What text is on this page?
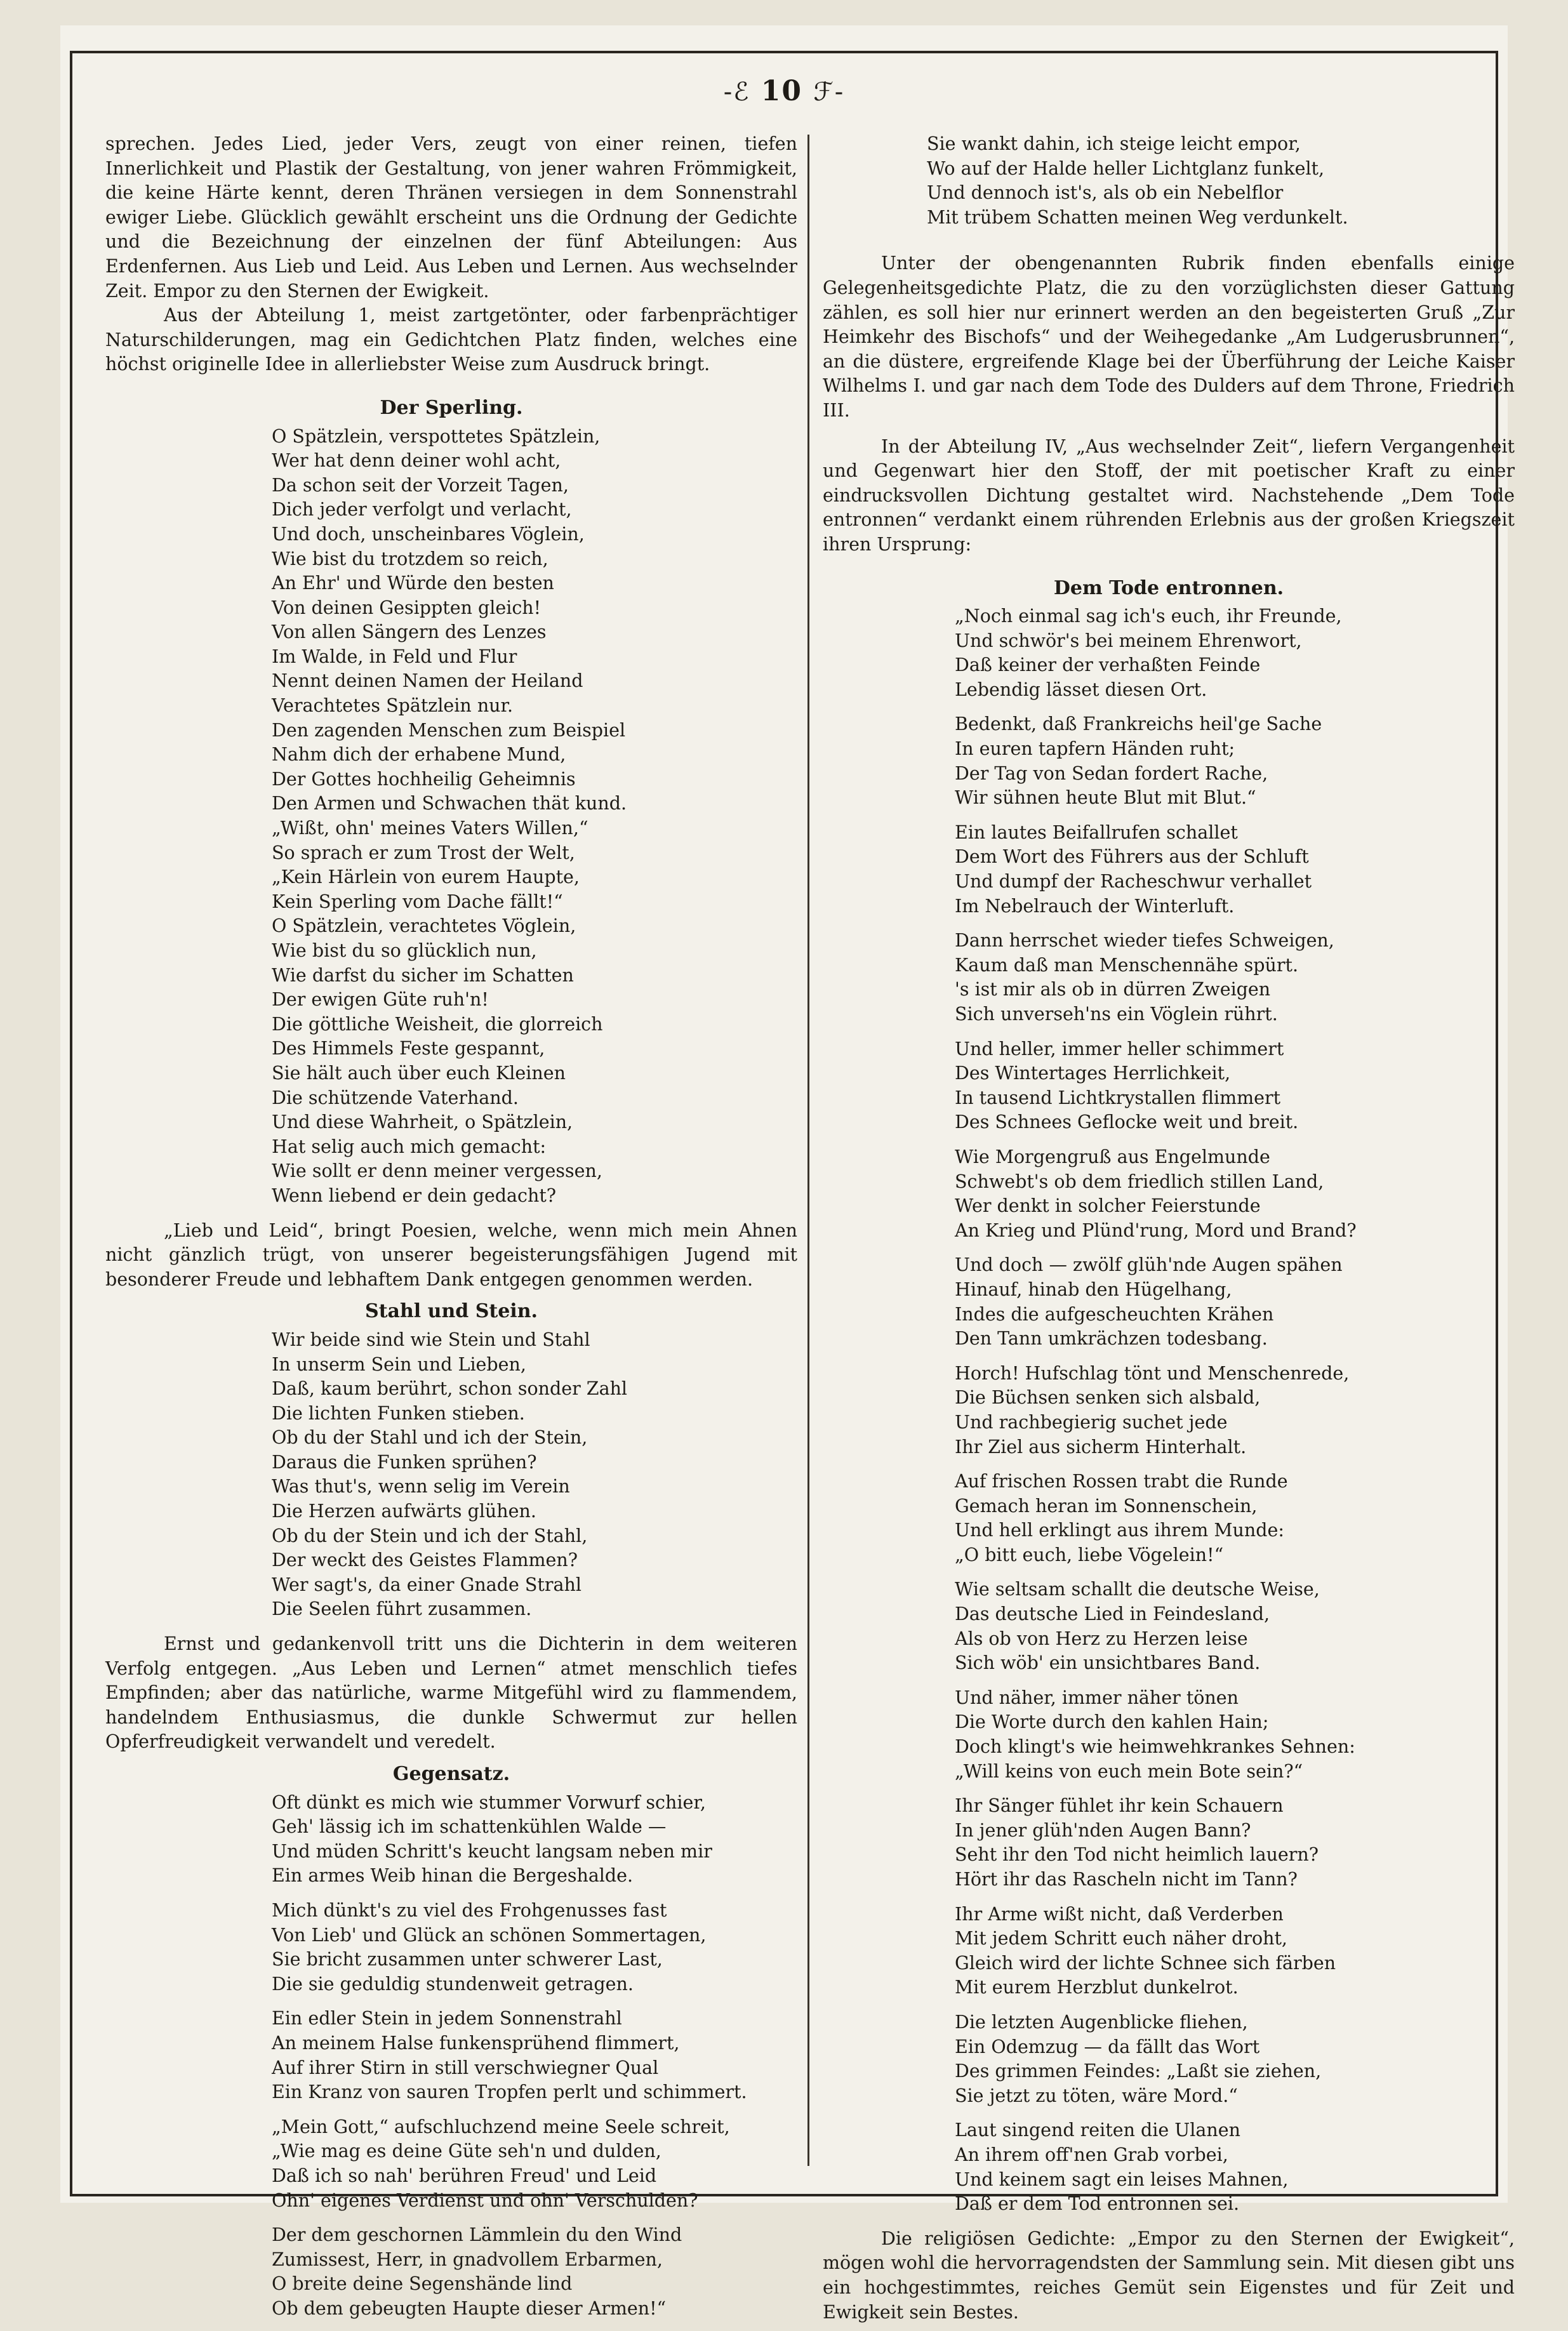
-ℰ 10 ℱ-

sprechen. Jedes Lied, jeder Vers, zeugt von einer reinen, tiefen Innerlichkeit und Plastik der Gestaltung, von jener wahren Frömmigkeit, die keine Härte kennt, deren Thränen versiegen in dem Sonnenstrahl ewiger Liebe. Glücklich gewählt erscheint uns die Ordnung der Gedichte und die Bezeichnung der einzelnen der fünf Abteilungen: Aus Erdenfernen. Aus Lieb und Leid. Aus Leben und Lernen. Aus wechselnder Zeit. Empor zu den Sternen der Ewigkeit.

Aus der Abteilung 1, meist zartgetönter, oder farbenprächtiger Naturschilderungen, mag ein Gedichtchen Platz finden, welches eine höchst originelle Idee in allerliebster Weise zum Ausdruck bringt.

Der Sperling.
O Spätzlein, verspottetes Spätzlein,
Wer hat denn deiner wohl acht,
Da schon seit der Vorzeit Tagen,
Dich jeder verfolgt und verlacht,
Und doch, unscheinbares Vöglein,
Wie bist du trotzdem so reich,
An Ehr' und Würde den besten
Von deinen Gesippten gleich!
Von allen Sängern des Lenzes
Im Walde, in Feld und Flur
Nennt deinen Namen der Heiland
Verachtetes Spätzlein nur.
Den zagenden Menschen zum Beispiel
Nahm dich der erhabene Mund,
Der Gottes hochheilig Geheimnis
Den Armen und Schwachen thät kund.
„Wißt, ohn' meines Vaters Willen,“
So sprach er zum Trost der Welt,
„Kein Härlein von eurem Haupte,
Kein Sperling vom Dache fällt!“
O Spätzlein, verachtetes Vöglein,
Wie bist du so glücklich nun,
Wie darfst du sicher im Schatten
Der ewigen Güte ruh'n!
Die göttliche Weisheit, die glorreich
Des Himmels Feste gespannt,
Sie hält auch über euch Kleinen
Die schützende Vaterhand.
Und diese Wahrheit, o Spätzlein,
Hat selig auch mich gemacht:
Wie sollt er denn meiner vergessen,
Wenn liebend er dein gedacht?

„Lieb und Leid“, bringt Poesien, welche, wenn mich mein Ahnen nicht gänzlich trügt, von unserer begeisterungsfähigen Jugend mit besonderer Freude und lebhaftem Dank entgegen genommen werden.

Stahl und Stein.
Wir beide sind wie Stein und Stahl
In unserm Sein und Lieben,
Daß, kaum berührt, schon sonder Zahl
Die lichten Funken stieben.
Ob du der Stahl und ich der Stein,
Daraus die Funken sprühen?
Was thut's, wenn selig im Verein
Die Herzen aufwärts glühen.
Ob du der Stein und ich der Stahl,
Der weckt des Geistes Flammen?
Wer sagt's, da einer Gnade Strahl
Die Seelen führt zusammen.

Ernst und gedankenvoll tritt uns die Dichterin in dem weiteren Verfolg entgegen. „Aus Leben und Lernen“ atmet menschlich tiefes Empfinden; aber das natürliche, warme Mitgefühl wird zu flammendem, handelndem Enthusiasmus, die dunkle Schwermut zur hellen Opferfreudigkeit verwandelt und veredelt.

Gegensatz.
Oft dünkt es mich wie stummer Vorwurf schier,
Geh' lässig ich im schattenkühlen Walde —
Und müden Schritt's keucht langsam neben mir
Ein armes Weib hinan die Bergeshalde.
Mich dünkt's zu viel des Frohgenusses fast
Von Lieb' und Glück an schönen Sommertagen,
Sie bricht zusammen unter schwerer Last,
Die sie geduldig stundenweit getragen.
Ein edler Stein in jedem Sonnenstrahl
An meinem Halse funkensprühend flimmert,
Auf ihrer Stirn in still verschwiegner Qual
Ein Kranz von sauren Tropfen perlt und schimmert.
„Mein Gott,“ aufschluchzend meine Seele schreit,
„Wie mag es deine Güte seh'n und dulden,
Daß ich so nah' berühren Freud' und Leid
Ohn' eigenes Verdienst und ohn' Verschulden?
Der dem geschornen Lämmlein du den Wind
Zumissest, Herr, in gnadvollem Erbarmen,
O breite deine Segenshände lind
Ob dem gebeugten Haupte dieser Armen!“
Sie wankt dahin, ich steige leicht empor,
Wo auf der Halde heller Lichtglanz funkelt,
Und dennoch ist's, als ob ein Nebelflor
Mit trübem Schatten meinen Weg verdunkelt.

Unter der obengenannten Rubrik finden ebenfalls einige Gelegenheitsgedichte Platz, die zu den vorzüglichsten dieser Gattung zählen, es soll hier nur erinnert werden an den begeisterten Gruß „Zur Heimkehr des Bischofs“ und der Weihegedanke „Am Ludgerusbrunnen“, an die düstere, ergreifende Klage bei der Überführung der Leiche Kaiser Wilhelms I. und gar nach dem Tode des Dulders auf dem Throne, Friedrich III.

In der Abteilung IV, „Aus wechselnder Zeit“, liefern Vergangenheit und Gegenwart hier den Stoff, der mit poetischer Kraft zu einer eindrucksvollen Dichtung gestaltet wird. Nachstehende „Dem Tode entronnen“ verdankt einem rührenden Erlebnis aus der großen Kriegszeit ihren Ursprung:

Dem Tode entronnen.
„Noch einmal sag ich's euch, ihr Freunde,
Und schwör's bei meinem Ehrenwort,
Daß keiner der verhaßten Feinde
Lebendig lässet diesen Ort.
Bedenkt, daß Frankreichs heil'ge Sache
In euren tapfern Händen ruht;
Der Tag von Sedan fordert Rache,
Wir sühnen heute Blut mit Blut.“
Ein lautes Beifallrufen schallet
Dem Wort des Führers aus der Schluft
Und dumpf der Racheschwur verhallet
Im Nebelrauch der Winterluft.
Dann herrschet wieder tiefes Schweigen,
Kaum daß man Menschennähe spürt.
's ist mir als ob in dürren Zweigen
Sich unverseh'ns ein Vöglein rührt.
Und heller, immer heller schimmert
Des Wintertages Herrlichkeit,
In tausend Lichtkrystallen flimmert
Des Schnees Geflocke weit und breit.
Wie Morgengruß aus Engelmunde
Schwebt's ob dem friedlich stillen Land,
Wer denkt in solcher Feierstunde
An Krieg und Plünd'rung, Mord und Brand?
Und doch — zwölf glüh'nde Augen spähen
Hinauf, hinab den Hügelhang,
Indes die aufgescheuchten Krähen
Den Tann umkrächzen todesbang.
Horch! Hufschlag tönt und Menschenrede,
Die Büchsen senken sich alsbald,
Und rachbegierig suchet jede
Ihr Ziel aus sicherm Hinterhalt.
Auf frischen Rossen trabt die Runde
Gemach heran im Sonnenschein,
Und hell erklingt aus ihrem Munde:
„O bitt euch, liebe Vögelein!“
Wie seltsam schallt die deutsche Weise,
Das deutsche Lied in Feindesland,
Als ob von Herz zu Herzen leise
Sich wöb' ein unsichtbares Band.
Und näher, immer näher tönen
Die Worte durch den kahlen Hain;
Doch klingt's wie heimwehkrankes Sehnen:
„Will keins von euch mein Bote sein?“
Ihr Sänger fühlet ihr kein Schauern
In jener glüh'nden Augen Bann?
Seht ihr den Tod nicht heimlich lauern?
Hört ihr das Rascheln nicht im Tann?
Ihr Arme wißt nicht, daß Verderben
Mit jedem Schritt euch näher droht,
Gleich wird der lichte Schnee sich färben
Mit eurem Herzblut dunkelrot.
Die letzten Augenblicke fliehen,
Ein Odemzug — da fällt das Wort
Des grimmen Feindes: „Laßt sie ziehen,
Sie jetzt zu töten, wäre Mord.“
Laut singend reiten die Ulanen
An ihrem off'nen Grab vorbei,
Und keinem sagt ein leises Mahnen,
Daß er dem Tod entronnen sei.

Die religiösen Gedichte: „Empor zu den Sternen der Ewigkeit“, mögen wohl die hervorragendsten der Sammlung sein. Mit diesen gibt uns ein hochgestimmtes, reiches Gemüt sein Eigenstes und für Zeit und Ewigkeit sein Bestes.
